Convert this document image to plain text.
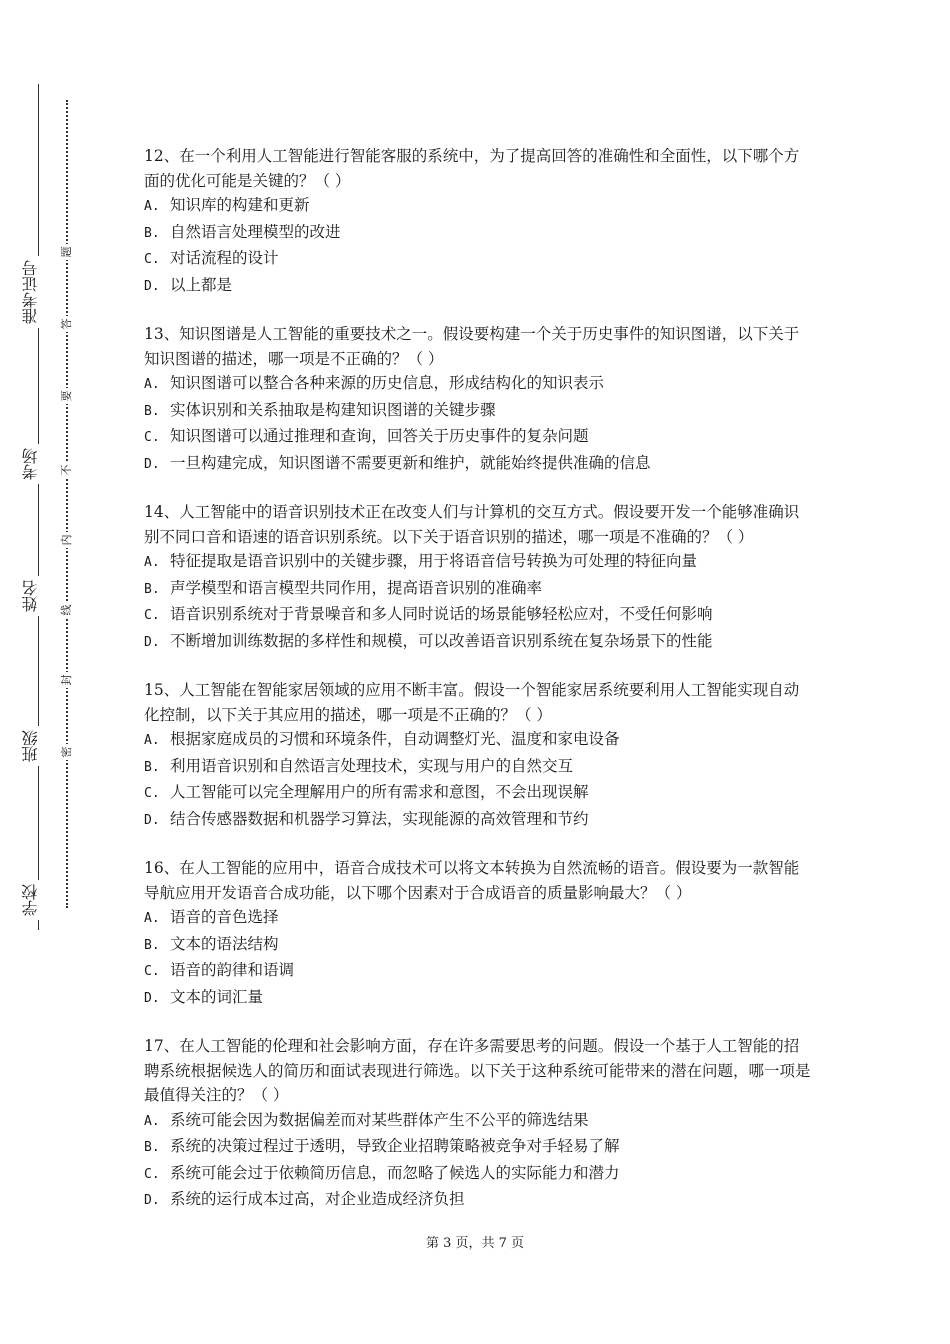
准考证号
考场
姓名
班级
学校
题
答
要
不
内
线
封
密

12、在一个利用人工智能进行智能客服的系统中，为了提高回答的准确性和全面性，以下哪个方面的优化可能是关键的？（ ）

A. 知识库的构建和更新
B. 自然语言处理模型的改进
C. 对话流程的设计
D. 以上都是

13、知识图谱是人工智能的重要技术之一。假设要构建一个关于历史事件的知识图谱，以下关于知识图谱的描述，哪一项是不正确的？（ ）

A. 知识图谱可以整合各种来源的历史信息，形成结构化的知识表示
B. 实体识别和关系抽取是构建知识图谱的关键步骤
C. 知识图谱可以通过推理和查询，回答关于历史事件的复杂问题
D. 一旦构建完成，知识图谱不需要更新和维护，就能始终提供准确的信息

14、人工智能中的语音识别技术正在改变人们与计算机的交互方式。假设要开发一个能够准确识别不同口音和语速的语音识别系统。以下关于语音识别的描述，哪一项是不准确的？（ ）

A. 特征提取是语音识别中的关键步骤，用于将语音信号转换为可处理的特征向量
B. 声学模型和语言模型共同作用，提高语音识别的准确率
C. 语音识别系统对于背景噪音和多人同时说话的场景能够轻松应对，不受任何影响
D. 不断增加训练数据的多样性和规模，可以改善语音识别系统在复杂场景下的性能

15、人工智能在智能家居领域的应用不断丰富。假设一个智能家居系统要利用人工智能实现自动化控制，以下关于其应用的描述，哪一项是不正确的？（ ）

A. 根据家庭成员的习惯和环境条件，自动调整灯光、温度和家电设备
B. 利用语音识别和自然语言处理技术，实现与用户的自然交互
C. 人工智能可以完全理解用户的所有需求和意图，不会出现误解
D. 结合传感器数据和机器学习算法，实现能源的高效管理和节约

16、在人工智能的应用中，语音合成技术可以将文本转换为自然流畅的语音。假设要为一款智能导航应用开发语音合成功能，以下哪个因素对于合成语音的质量影响最大？（ ）

A. 语音的音色选择
B. 文本的语法结构
C. 语音的韵律和语调
D. 文本的词汇量

17、在人工智能的伦理和社会影响方面，存在许多需要思考的问题。假设一个基于人工智能的招聘系统根据候选人的简历和面试表现进行筛选。以下关于这种系统可能带来的潜在问题，哪一项是最值得关注的？（ ）

A. 系统可能会因为数据偏差而对某些群体产生不公平的筛选结果
B. 系统的决策过程过于透明，导致企业招聘策略被竞争对手轻易了解
C. 系统可能会过于依赖简历信息，而忽略了候选人的实际能力和潜力
D. 系统的运行成本过高，对企业造成经济负担
第 3 页，共 7 页
